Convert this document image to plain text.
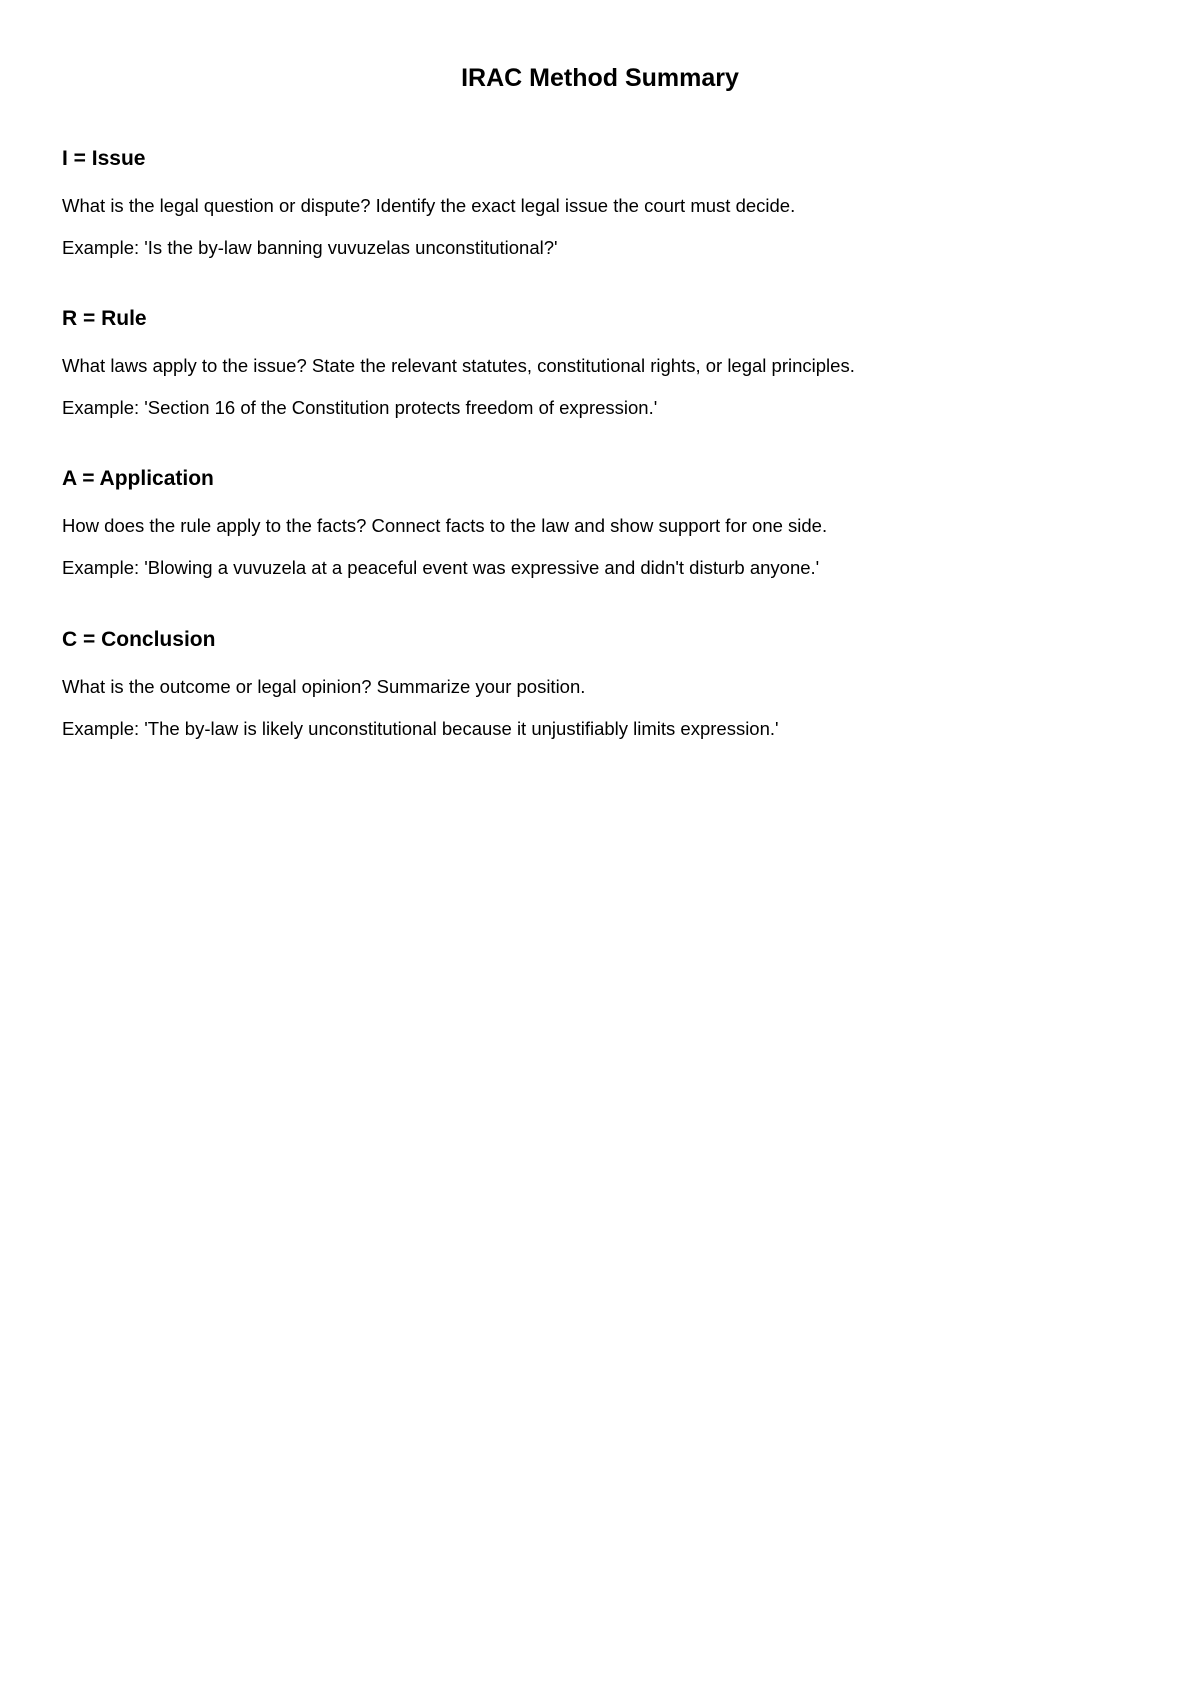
IRAC Method Summary
I = Issue

What is the legal question or dispute? Identify the exact legal issue the court must decide.

Example: 'Is the by-law banning vuvuzelas unconstitutional?'

R = Rule

What laws apply to the issue? State the relevant statutes, constitutional rights, or legal principles.

Example: 'Section 16 of the Constitution protects freedom of expression.'

A = Application

How does the rule apply to the facts? Connect facts to the law and show support for one side.

Example: 'Blowing a vuvuzela at a peaceful event was expressive and didn't disturb anyone.'

C = Conclusion

What is the outcome or legal opinion? Summarize your position.

Example: 'The by-law is likely unconstitutional because it unjustifiably limits expression.'
